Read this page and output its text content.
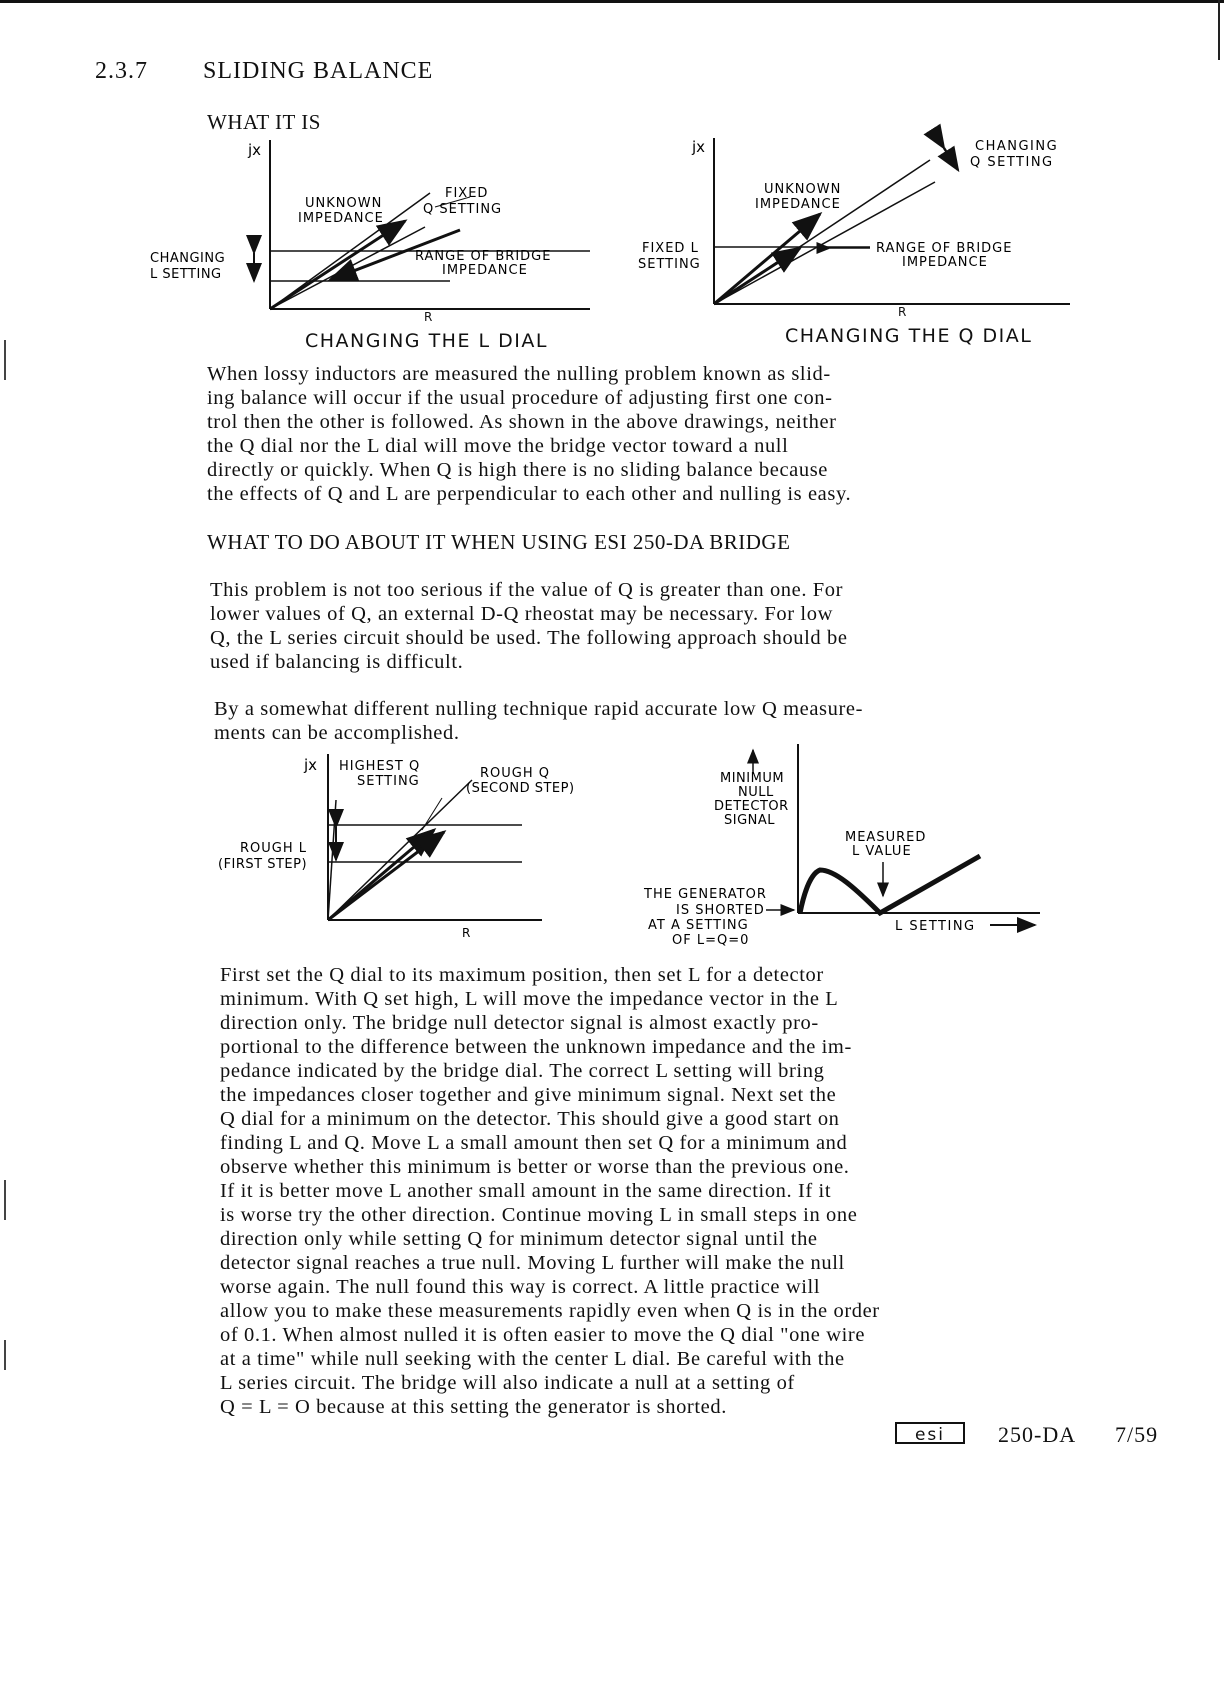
2.3.7 SLIDING BALANCE
WHAT IT IS
jx
UNKNOWN
IMPEDANCE
FIXED
Q SETTING
CHANGING
L SETTING
RANGE OF BRIDGE
IMPEDANCE
R
CHANGING THE L DIAL
jx	CHANGING
Q SETTING
UNKNOWN
IMPEDANCE
FIXED L
SETTING
RANGE OF BRIDGE
IMPEDANCE
R
CHANGING THE Q DIAL
When lossy inductors are measured the nulling problem known as slid-
ing balance will occur if the usual procedure of adjusting first one con-
trol then the other is followed. As shown in the above drawings, neither
the Q dial nor the L dial will move the bridge vector toward a null
directly or quickly. When Q is high there is no sliding balance because
the effects of Q and L are perpendicular to each other and nulling is easy.
WHAT TO DO ABOUT IT WHEN USING ESI 250-DA BRIDGE
This problem is not too serious if the value of Q is greater than one. For
lower values of Q, an external D-Q rheostat may be necessary. For low
Q, the L series circuit should be used. The following approach should be
used if balancing is difficult.
By a somewhat different nulling technique rapid accurate low Q measure-
ments can be accomplished.
jx HIGHEST Q
SETTING
ROUGH Q
(SECOND STEP)
ROUGH L
(FIRST STEP)
R
MINIMUM
NULL
DETECTOR
SIGNAL
MEASURED
L VALUE
THE GENERATOR
IS SHORTED
AT A SETTING
OF L=Q=0
L SETTING
First set the Q dial to its maximum position, then set L for a detector
minimum. With Q set high, L will move the impedance vector in the L
direction only. The bridge null detector signal is almost exactly pro-
portional to the difference between the unknown impedance and the im-
pedance indicated by the bridge dial. The correct L setting will bring
the impedances closer together and give minimum signal. Next set the
Q dial for a minimum on the detector. This should give a good start on
finding L and Q. Move L a small amount then set Q for a minimum and
observe whether this minimum is better or worse than the previous one.
If it is better move L another small amount in the same direction. If it
is worse try the other direction. Continue moving L in small steps in one
direction only while setting Q for minimum detector signal until the
detector signal reaches a true null. Moving L further will make the null
worse again. The null found this way is correct. A little practice will
allow you to make these measurements rapidly even when Q is in the order
of 0.1. When almost nulled it is often easier to move the Q dial "one wire
at a time" while null seeking with the center L dial. Be careful with the
L series circuit. The bridge will also indicate a null at a setting of
Q = L = O because at this setting the generator is shorted.
esi	250-DA 7/59
